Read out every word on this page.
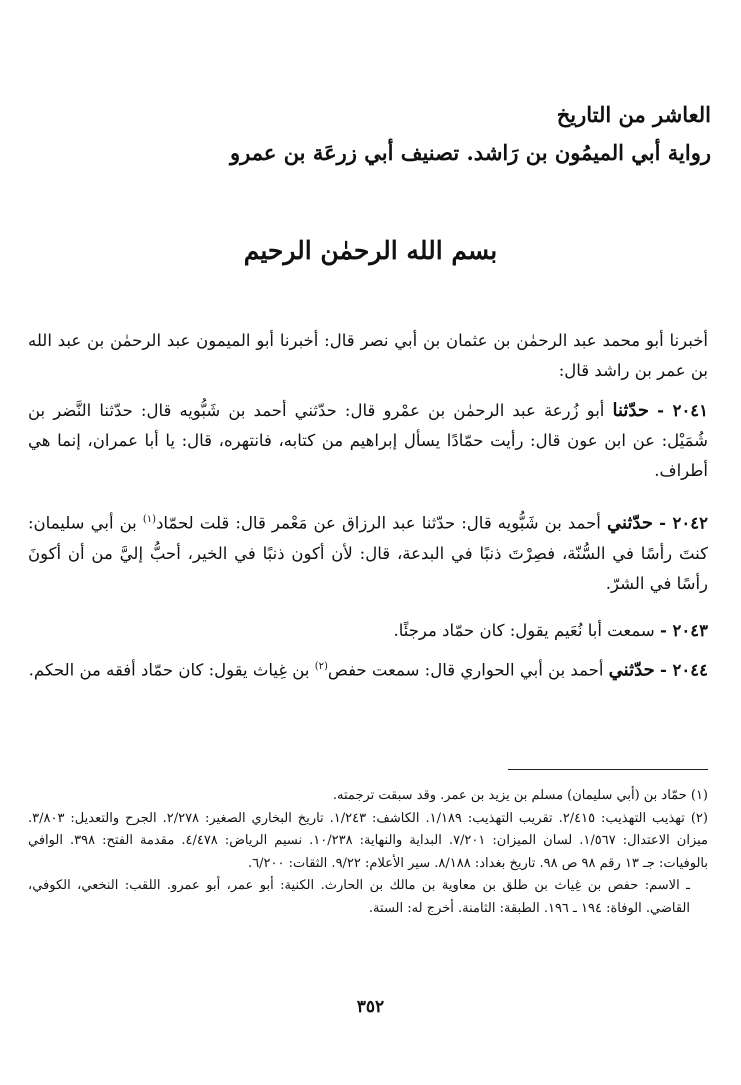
العاشر من التاريخ
رواية أبي الميمُون بن رَاشد. تصنيف أبي زرعَة بن عمرو
بسم الله الرحمٰن الرحيم
أخبرنا أبو محمد عبد الرحمٰن بن عثمان بن أبي نصر قال: أخبرنا أبو الميمون عبد الرحمٰن بن عبد الله بن عمر بن راشد قال:
٢٠٤١ - حدّثنا أبو زُرعة عبد الرحمٰن بن عمْرو قال: حدّثني أحمد بن شَبُّويه قال: حدّثنا النَّضر بن شُمَيْل: عن ابن عون قال: رأيت حمّادًا يسأل إبراهيم من كتابه، فانتهره، قال: يا أبا عمران، إنما هي أطراف.
٢٠٤٢ - حدّثني أحمد بن شَبُّويه قال: حدّثنا عبد الرزاق عن مَعْمر قال: قلت لحمّاد$^{(١)}$ بن أبي سليمان: كنتَ رأسًا في السُّنّة، فصِرْتَ ذنبًا في البدعة، قال: لأن أكون ذنبًا في الخير، أحبُّ إليَّ من أن أكونَ رأسًا في الشرّ.
٢٠٤٣ - سمعت أبا نُعَيم يقول: كان حمّاد مرجئًا.
٢٠٤٤ - حدّثني أحمد بن أبي الحواري قال: سمعت حفص$^{(٢)}$ بن غِياث يقول: كان حمّاد أفقه من الحكم.
(١) حمّاد بن (أبي سليمان) مسلم بن يزيد بن عمر. وقد سبقت ترجمته.
(٢) تهذيب التهذيب: ٢/٤١٥. تقريب التهذيب: ١/١٨٩. الكاشف: ١/٢٤٣. تاريخ البخاري الصغير: ٢/٢٧٨. الجرح والتعديل: ٣/٨٠٣. ميزان الاعتدال: ١/٥٦٧. لسان الميزان: ٧/٢٠١. البداية والنهاية: ١٠/٢٣٨. نسيم الرياض: ٤/٤٧٨. مقدمة الفتح: ٣٩٨. الوافي بالوفيات: جـ ١٣ رقم ٩٨ ص ٩٨. تاريخ بغداد: ٨/١٨٨. سير الأعلام: ٩/٢٢. الثقات: ٦/٢٠٠.
ـ الاسم: حفص بن غِياث بن طلق بن معاوية بن مالك بن الحارث. الكنية: أبو عمر، أبو عمرو. اللقب: النخعي، الكوفي، القاضي. الوفاة: ١٩٤ ـ ١٩٦. الطبقة: الثامنة. أخرج له: الستة.
٣٥٢
